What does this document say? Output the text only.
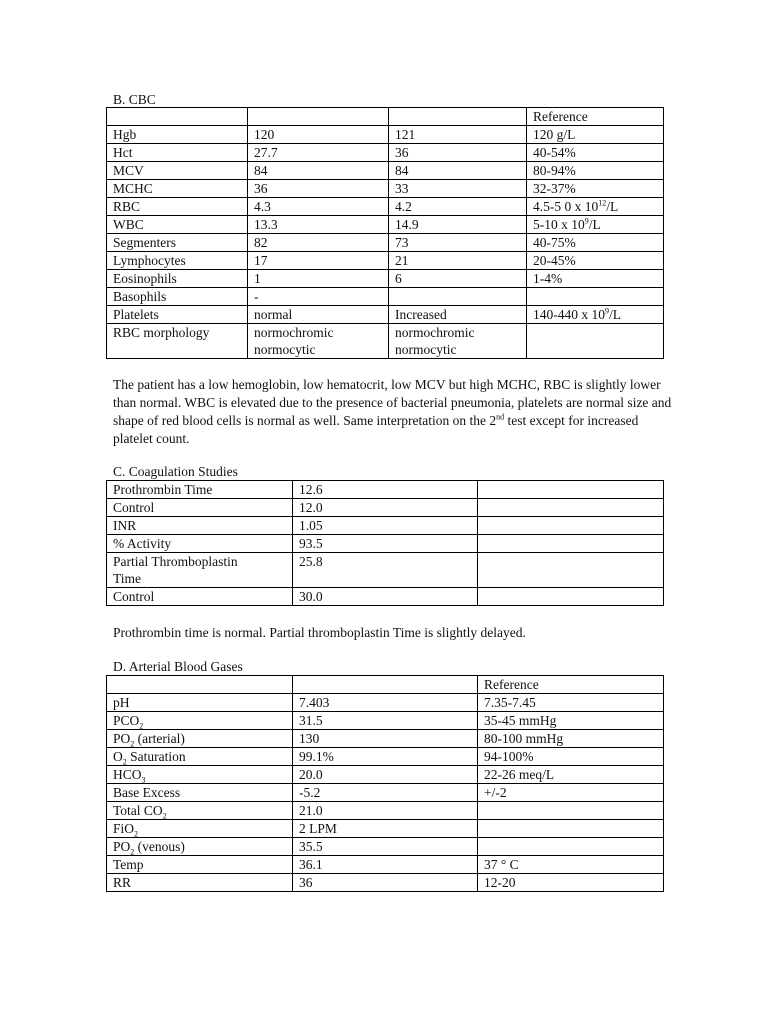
B. CBC
			Reference
Hgb	120	121	120 g/L
Hct	27.7	36	40-54%
MCV	84	84	80-94%
MCHC	36	33	32-37%
RBC	4.3	4.2	4.5-5 0 x $10^{12}/L$
WBC	13.3	14.9	5-10 x $10^9/L$
Segmenters	82	73	40-75%
Lymphocytes	17	21	20-45%
Eosinophils	1	6	1-4%
Basophils	-		
Platelets	normal	Increased	140-440 x $10^9/L$
RBC morphology	normochromic normocytic	normochromic normocytic	
The patient has a low hemoglobin, low hematocrit, low MCV but high MCHC, RBC is slightly lower than normal. WBC is elevated due to the presence of bacterial pneumonia, platelets are normal size and shape of red blood cells is normal as well. Same interpretation on the 2nd test except for increased platelet count.
C. Coagulation Studies
Prothrombin Time	12.6	
Control	12.0	
INR	1.05	
% Activity	93.5	
Partial Thromboplastin Time	25.8	
Control	30.0	
Prothrombin time is normal. Partial thromboplastin Time is slightly delayed.
D. Arterial Blood Gases
		Reference
pH	7.403	7.35-7.45
$PCO_2$	31.5	35-45 mmHg
$PO_2$ (arterial)	130	80-100 mmHg
$O_2$ Saturation	99.1%	94-100%
$HCO_3$	20.0	22-26 meq/L
Base Excess	-5.2	+/-2
Total $CO_2$	21.0	
FiO$_2$	2 LPM	
$PO_2$ (venous)	35.5	
Temp	36.1	37 ° C
RR	36	12-20
